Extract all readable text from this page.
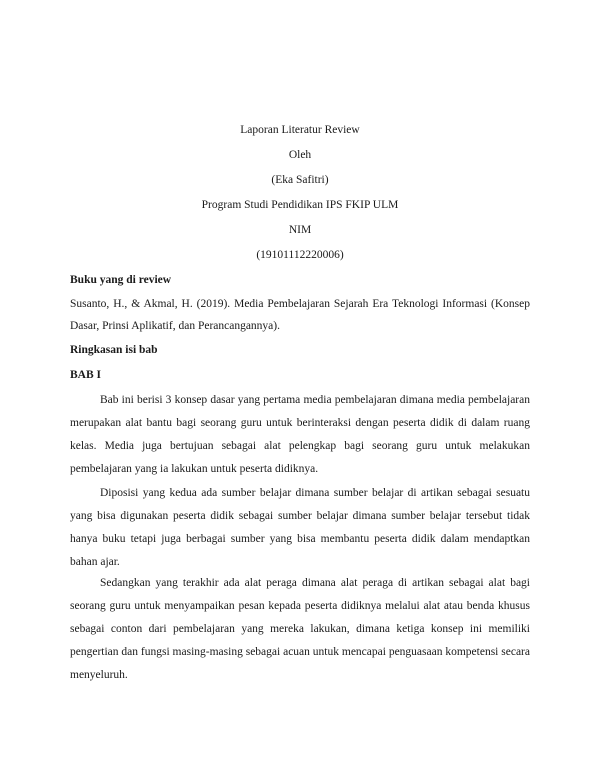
Laporan Literatur Review
Oleh
(Eka Safitri)
Program Studi Pendidikan IPS FKIP ULM
NIM
(19101112220006)
Buku yang di review
Susanto, H., & Akmal, H. (2019). Media Pembelajaran Sejarah Era Teknologi Informasi (Konsep Dasar, Prinsi Aplikatif, dan Perancangannya).
Ringkasan isi bab
BAB I
Bab ini berisi 3 konsep dasar yang pertama media pembelajaran dimana media pembelajaran merupakan alat bantu bagi seorang guru untuk berinteraksi dengan peserta didik di dalam ruang kelas. Media juga bertujuan sebagai alat pelengkap bagi seorang guru untuk melakukan pembelajaran yang ia lakukan untuk peserta didiknya.
Diposisi yang kedua ada sumber belajar dimana sumber belajar di artikan sebagai sesuatu yang bisa digunakan peserta didik sebagai sumber belajar dimana sumber belajar tersebut tidak hanya buku tetapi juga berbagai sumber yang bisa membantu peserta didik dalam mendaptkan bahan ajar.
Sedangkan yang terakhir ada alat peraga dimana alat peraga di artikan sebagai alat bagi seorang guru untuk menyampaikan pesan kepada peserta didiknya melalui alat atau benda khusus sebagai conton dari pembelajaran yang mereka lakukan, dimana ketiga konsep ini memiliki pengertian dan fungsi masing-masing sebagai acuan untuk mencapai penguasaan kompetensi secara menyeluruh.
